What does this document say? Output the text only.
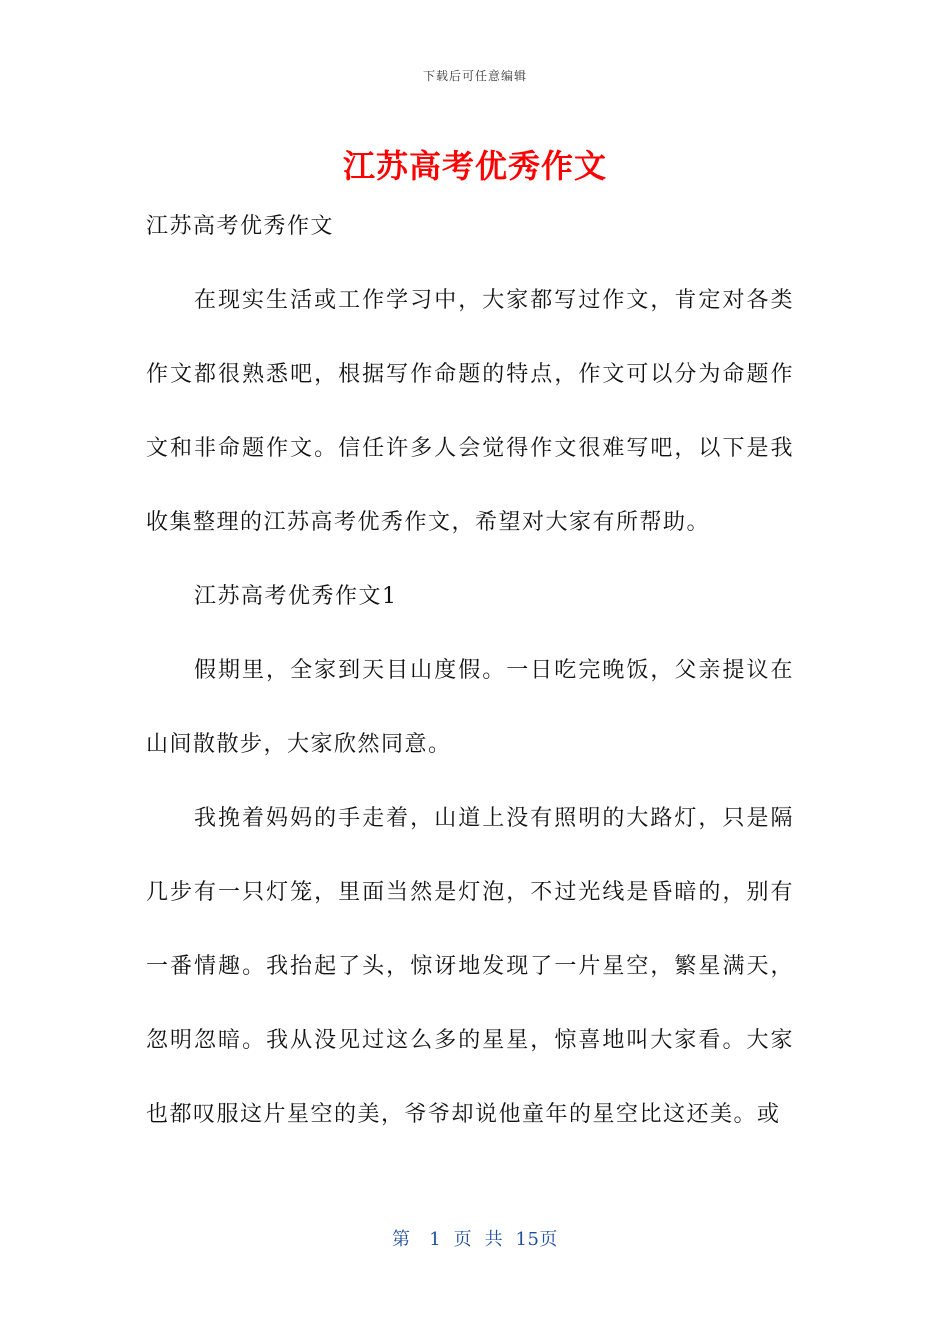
下载后可任意编辑
江苏高考优秀作文

江苏高考优秀作文

在现实生活或工作学习中，大家都写过作文，肯定对各类作文都很熟悉吧，根据写作命题的特点，作文可以分为命题作文和非命题作文。信任许多人会觉得作文很难写吧，以下是我收集整理的江苏高考优秀作文，希望对大家有所帮助。

江苏高考优秀作文1

假期里，全家到天目山度假。一日吃完晚饭，父亲提议在山间散散步，大家欣然同意。

我挽着妈妈的手走着，山道上没有照明的大路灯，只是隔几步有一只灯笼，里面当然是灯泡，不过光线是昏暗的，别有一番情趣。我抬起了头，惊讶地发现了一片星空，繁星满天，忽明忽暗。我从没见过这么多的星星，惊喜地叫大家看。大家也都叹服这片星空的美，爷爷却说他童年的星空比这还美。或

第 1 页 共 15页
